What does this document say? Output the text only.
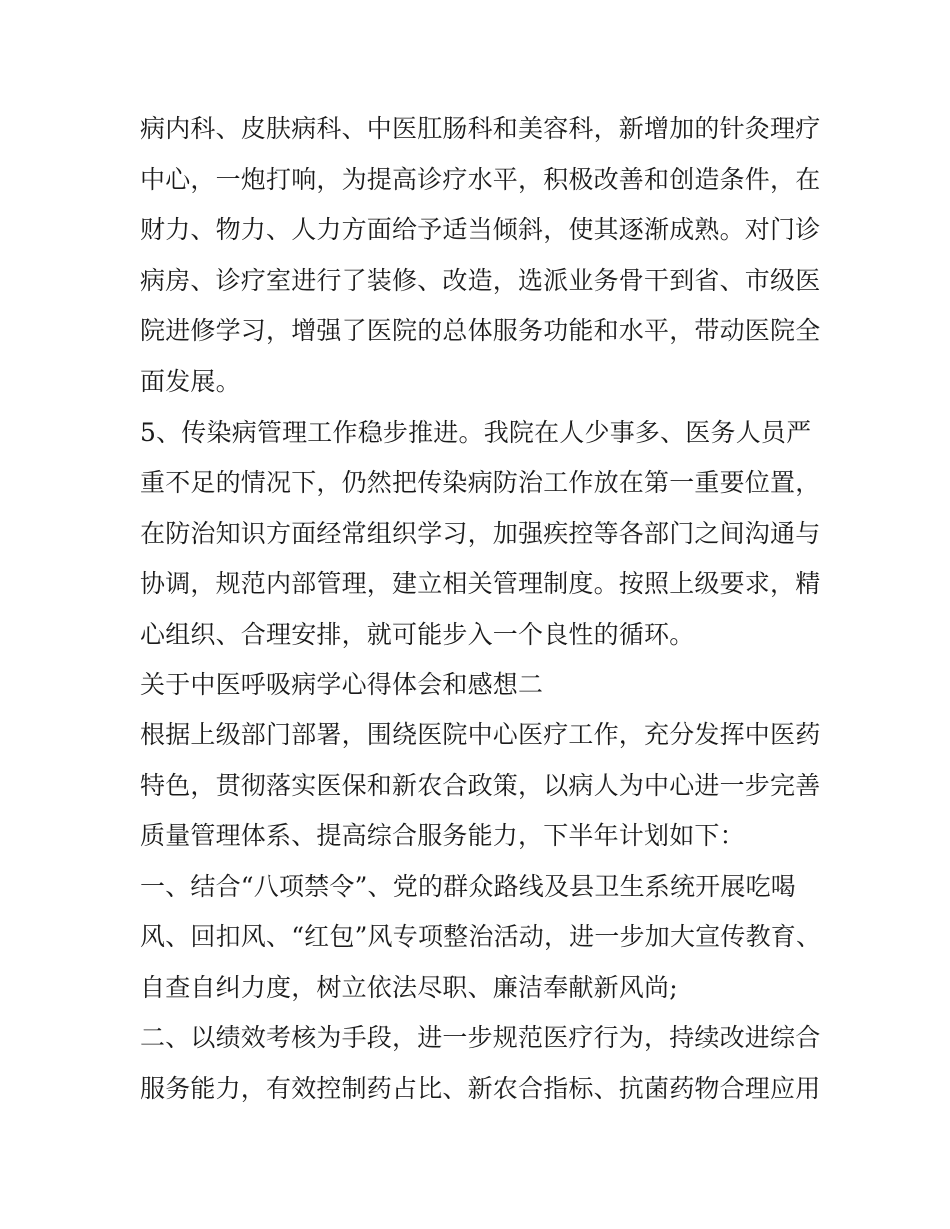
病内科、皮肤病科、中医肛肠科和美容科，新增加的针灸理疗
中心，一炮打响，为提高诊疗水平，积极改善和创造条件，在
财力、物力、人力方面给予适当倾斜，使其逐渐成熟。对门诊
病房、诊疗室进行了装修、改造，选派业务骨干到省、市级医
院进修学习，增强了医院的总体服务功能和水平，带动医院全
面发展。
5、传染病管理工作稳步推进。我院在人少事多、医务人员严
重不足的情况下，仍然把传染病防治工作放在第一重要位置，
在防治知识方面经常组织学习，加强疾控等各部门之间沟通与
协调，规范内部管理，建立相关管理制度。按照上级要求，精
心组织、合理安排，就可能步入一个良性的循环。
关于中医呼吸病学心得体会和感想二
根据上级部门部署，围绕医院中心医疗工作，充分发挥中医药
特色，贯彻落实医保和新农合政策，以病人为中心进一步完善
质量管理体系、提高综合服务能力，下半年计划如下：
一、结合“八项禁令”、党的群众路线及县卫生系统开展吃喝
风、回扣风、“红包”风专项整治活动，进一步加大宣传教育、
自查自纠力度，树立依法尽职、廉洁奉献新风尚;
二、以绩效考核为手段，进一步规范医疗行为，持续改进综合
服务能力，有效控制药占比、新农合指标、抗菌药物合理应用
